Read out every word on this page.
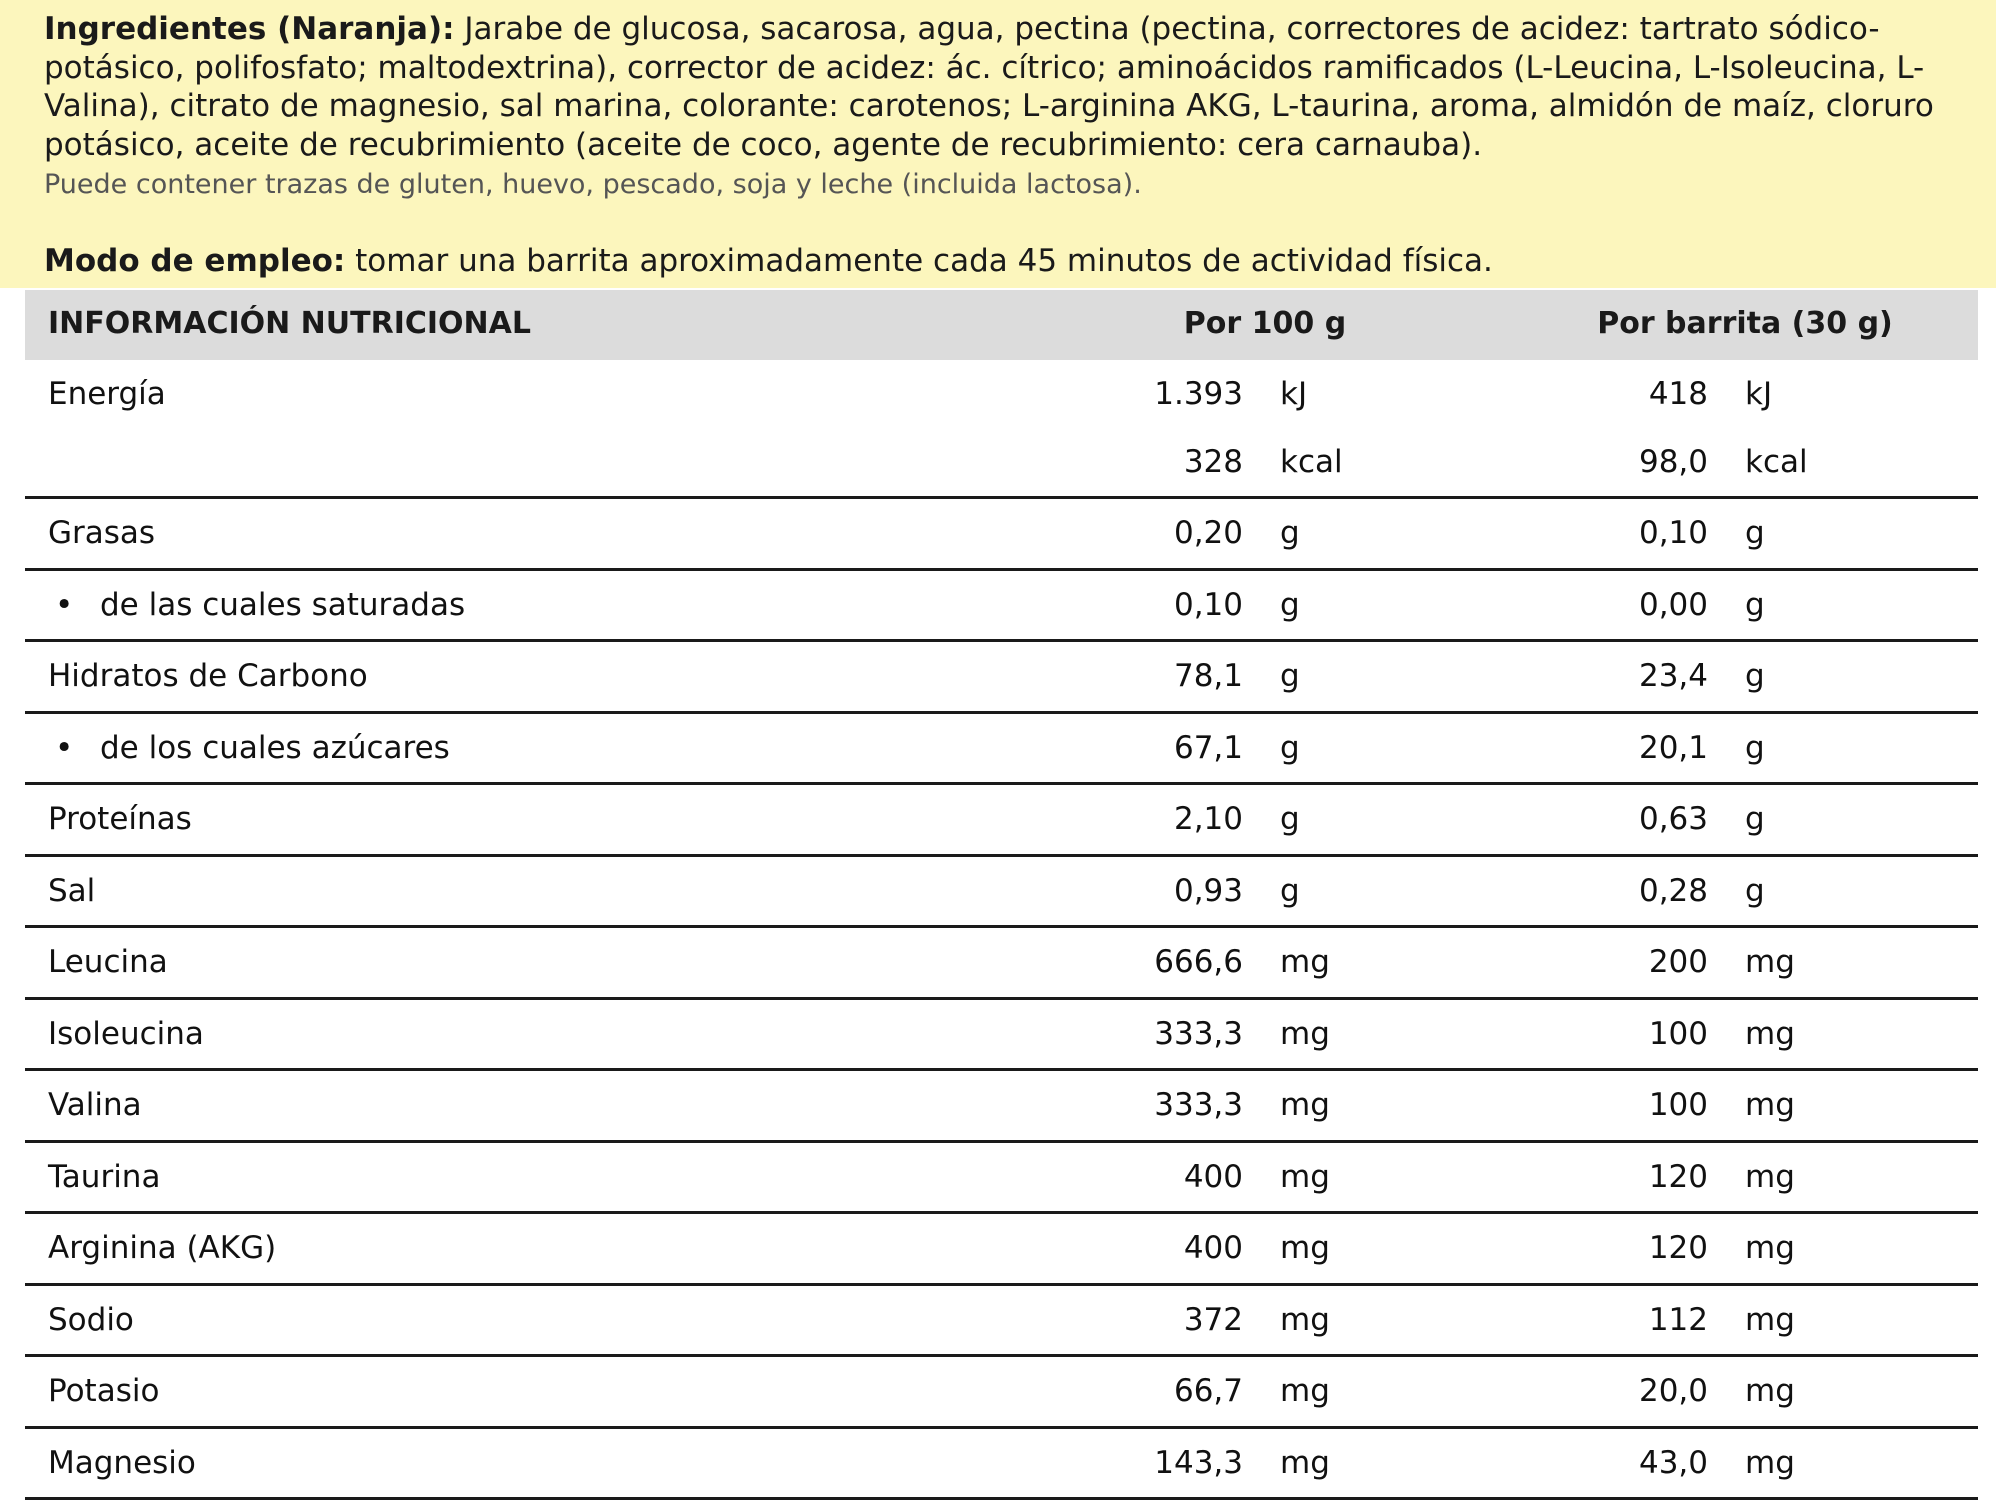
Ingredientes (Naranja): Jarabe de glucosa, sacarosa, agua, pectina (pectina, correctores de acidez: tartrato sódico-potásico, polifosfato; maltodextrina), corrector de acidez: ác. cítrico; aminoácidos ramificados (L-Leucina, L-Isoleucina, L-Valina), citrato de magnesio, sal marina, colorante: carotenos; L-arginina AKG, L-taurina, aroma, almidón de maíz, cloruro potásico, aceite de recubrimiento (aceite de coco, agente de recubrimiento: cera carnauba).
Puede contener trazas de gluten, huevo, pescado, soja y leche (incluida lactosa).
Modo de empleo: tomar una barrita aproximadamente cada 45 minutos de actividad física.
INFORMACIÓN NUTRICIONAL	Por 100 g	Por barrita (30 g)
Energía	1.393 kJ	418 kJ
328 kcal	98,0 kcal
Grasas	0,20 g	0,10 g
• de las cuales saturadas	0,10 g	0,00 g
Hidratos de Carbono	78,1 g	23,4 g
• de los cuales azúcares	67,1 g	20,1 g
Proteínas	2,10 g	0,63 g
Sal	0,93 g	0,28 g
Leucina	666,6 mg	200 mg
Isoleucina	333,3 mg	100 mg
Valina	333,3 mg	100 mg
Taurina	400 mg	120 mg
Arginina (AKG)	400 mg	120 mg
Sodio	372 mg	112 mg
Potasio	66,7 mg	20,0 mg
Magnesio	143,3 mg	43,0 mg
